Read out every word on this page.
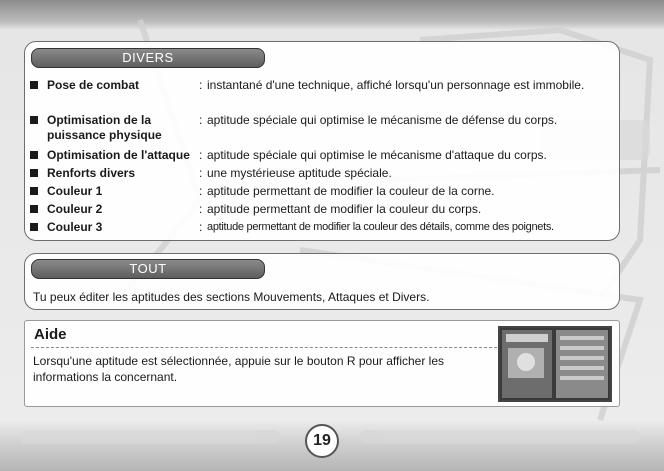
DIVERS
Pose de combat	: instantané d'une technique, affiché lorsqu'un personnage est immobile.
Optimisation de la puissance physique
: aptitude spéciale qui optimise le mécanisme de défense du corps.
Optimisation de l'attaque : aptitude spéciale qui optimise le mécanisme d'attaque du corps.
Renforts divers	: une mystérieuse aptitude spéciale.
Couleur 1	: aptitude permettant de modifier la couleur de la corne.
Couleur 2	: aptitude permettant de modifier la couleur du corps.
Couleur 3	: aptitude permettant de modifier la couleur des détails, comme des poignets.
TOUT
Tu peux éditer les aptitudes des sections Mouvements, Attaques et Divers.
Aide
Lorsqu'une aptitude est sélectionnée, appuie sur le bouton R pour afficher les informations la concernant.
19
